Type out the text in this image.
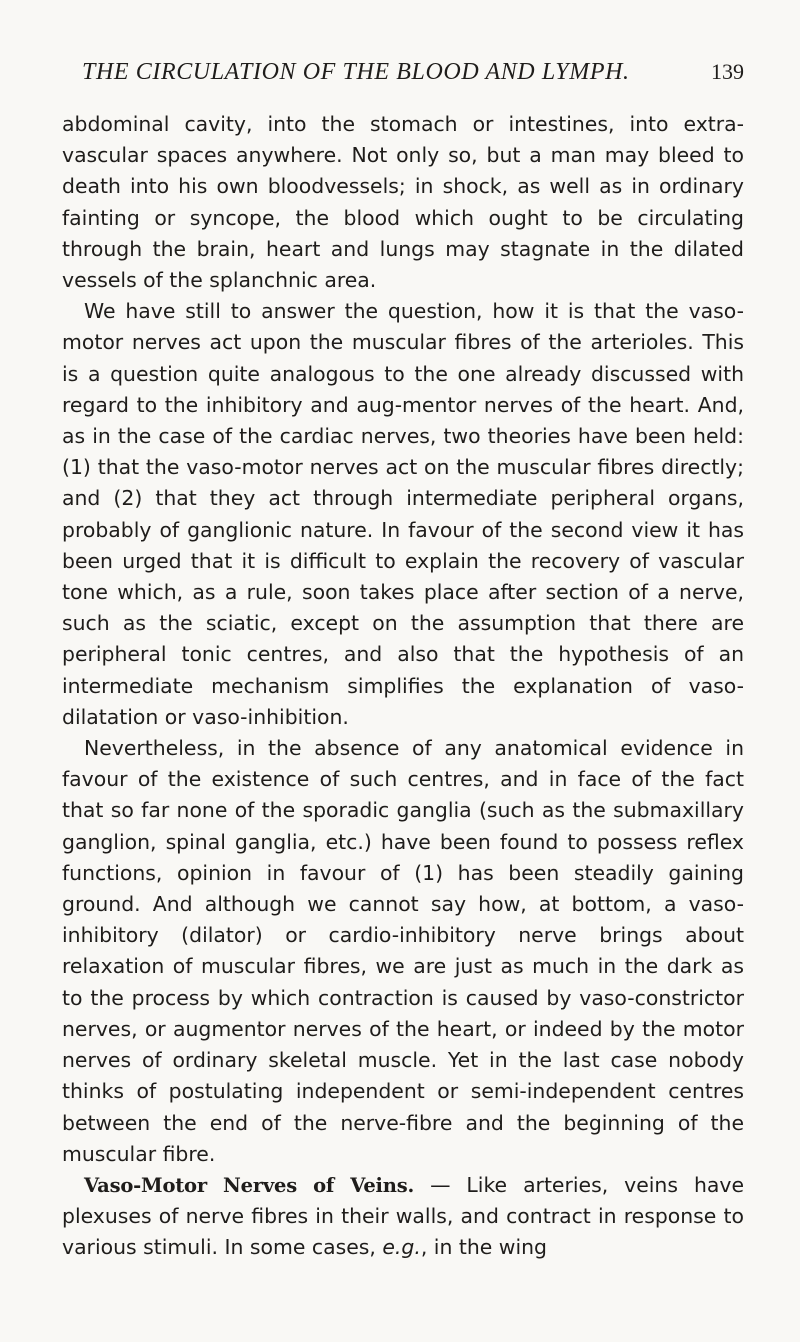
THE CIRCULATION OF THE BLOOD AND LYMPH.	139

abdominal cavity, into the stomach or intestines, into extra-vascular spaces anywhere. Not only so, but a man may bleed to death into his own bloodvessels; in shock, as well as in ordinary fainting or syncope, the blood which ought to be circulating through the brain, heart and lungs may stagnate in the dilated vessels of the splanchnic area.

We have still to answer the question, how it is that the vaso-motor nerves act upon the muscular fibres of the arterioles. This is a question quite analogous to the one already discussed with regard to the inhibitory and aug-mentor nerves of the heart. And, as in the case of the cardiac nerves, two theories have been held: (1) that the vaso-motor nerves act on the muscular fibres directly; and (2) that they act through intermediate peripheral organs, probably of ganglionic nature. In favour of the second view it has been urged that it is difficult to explain the recovery of vascular tone which, as a rule, soon takes place after section of a nerve, such as the sciatic, except on the assumption that there are peripheral tonic centres, and also that the hypothesis of an intermediate mechanism simplifies the explanation of vaso-dilatation or vaso-inhibition.

Nevertheless, in the absence of any anatomical evidence in favour of the existence of such centres, and in face of the fact that so far none of the sporadic ganglia (such as the submaxillary ganglion, spinal ganglia, etc.) have been found to possess reflex functions, opinion in favour of (1) has been steadily gaining ground. And although we cannot say how, at bottom, a vaso-inhibitory (dilator) or cardio-inhibitory nerve brings about relaxation of muscular fibres, we are just as much in the dark as to the process by which contraction is caused by vaso-constrictor nerves, or augmentor nerves of the heart, or indeed by the motor nerves of ordinary skeletal muscle. Yet in the last case nobody thinks of postulating independent or semi-independent centres between the end of the nerve-fibre and the beginning of the muscular fibre.

Vaso-Motor Nerves of Veins. — Like arteries, veins have plexuses of nerve fibres in their walls, and contract in response to various stimuli. In some cases, e.g., in the wing
